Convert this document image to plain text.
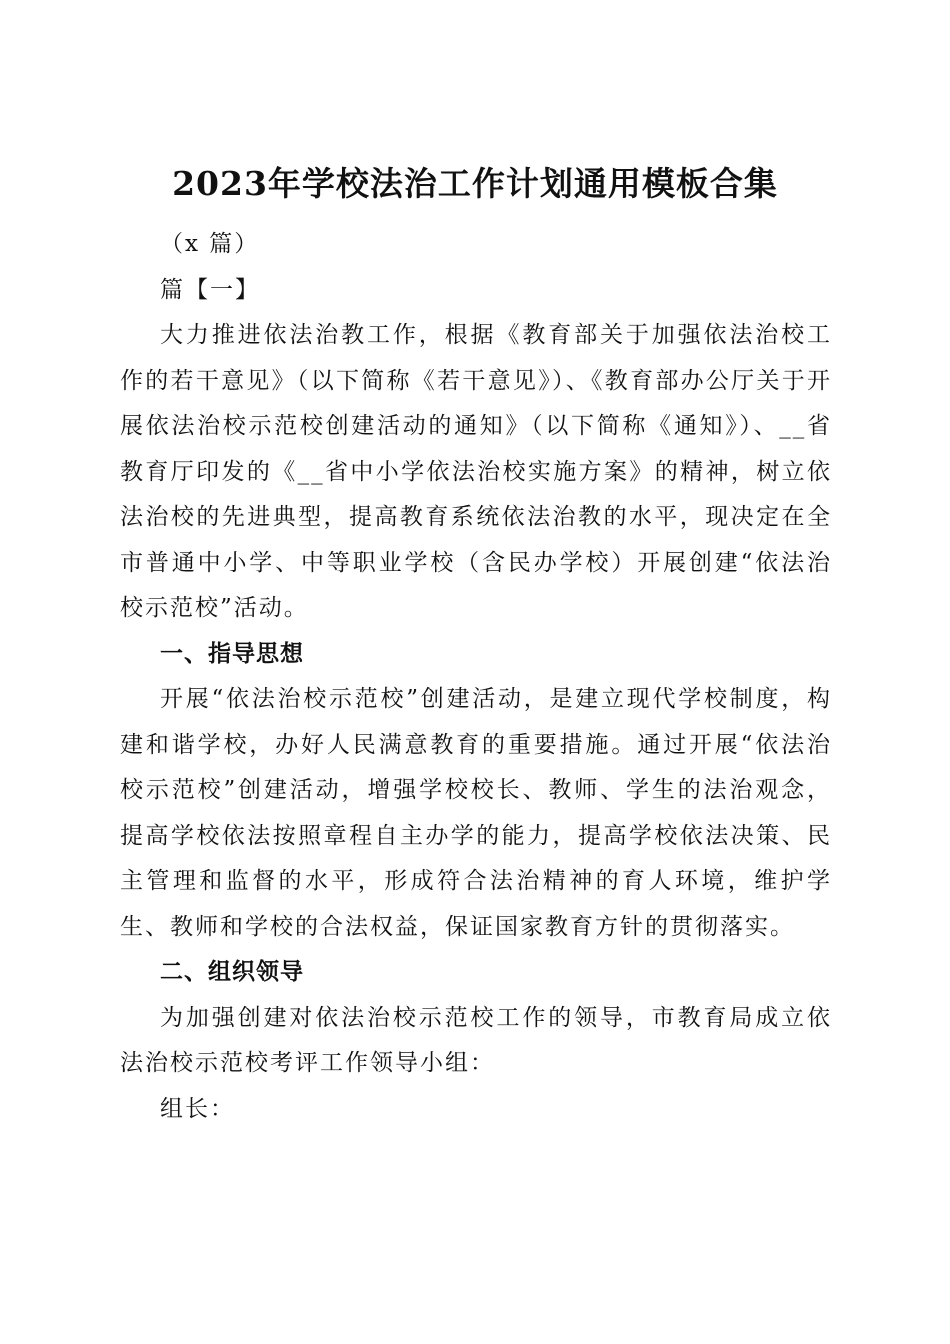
2023年学校法治工作计划通用模板合集

（x 篇）

篇【一】

大力推进依法治教工作，根据《教育部关于加强依法治校工作的若干意见》（以下简称《若干意见》）、《教育部办公厅关于开展依法治校示范校创建活动的通知》（以下简称《通知》）、__省教育厅印发的《__省中小学依法治校实施方案》的精神，树立依法治校的先进典型，提高教育系统依法治教的水平，现决定在全市普通中小学、中等职业学校（含民办学校）开展创建“依法治校示范校”活动。

一、指导思想

开展“依法治校示范校”创建活动，是建立现代学校制度，构建和谐学校，办好人民满意教育的重要措施。通过开展“依法治校示范校”创建活动，增强学校校长、教师、学生的法治观念，提高学校依法按照章程自主办学的能力，提高学校依法决策、民主管理和监督的水平，形成符合法治精神的育人环境，维护学生、教师和学校的合法权益，保证国家教育方针的贯彻落实。

二、组织领导

为加强创建对依法治校示范校工作的领导，市教育局成立依法治校示范校考评工作领导小组：

组长：
